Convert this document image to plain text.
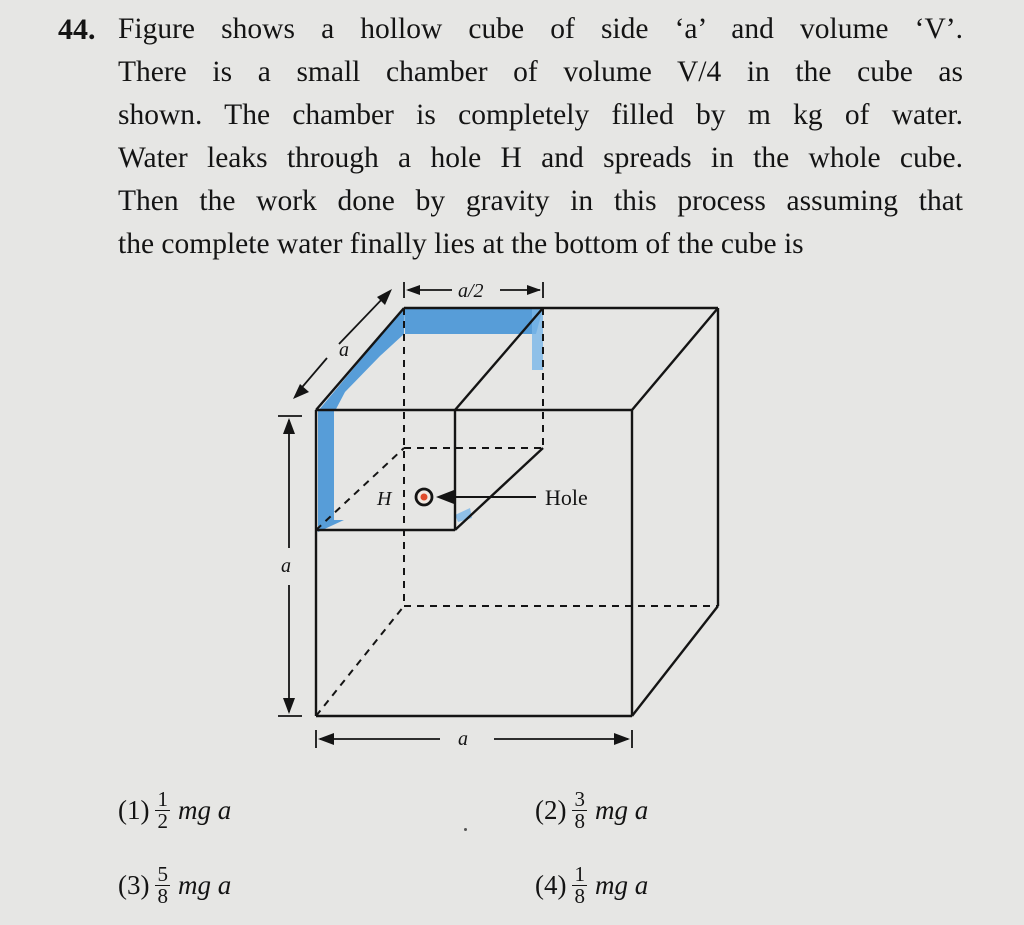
44. Figure shows a hollow cube of side ‘a’ and volume ‘V’.
There is a small chamber of volume V/4 in the cube as
shown. The chamber is completely filled by m kg of water.
Water leaks through a hole H and spreads in the whole cube.
Then the work done by gravity in this process assuming that
the complete water finally lies at the bottom of the cube is
H	Hole
a/2
a
a
a
$(1) \frac{1}{2}$ mg a	$(2) \frac{3}{8}$ mg a
$(3) \frac{5}{8}$ mg a	$(4) \frac{1}{8}$ mg a
